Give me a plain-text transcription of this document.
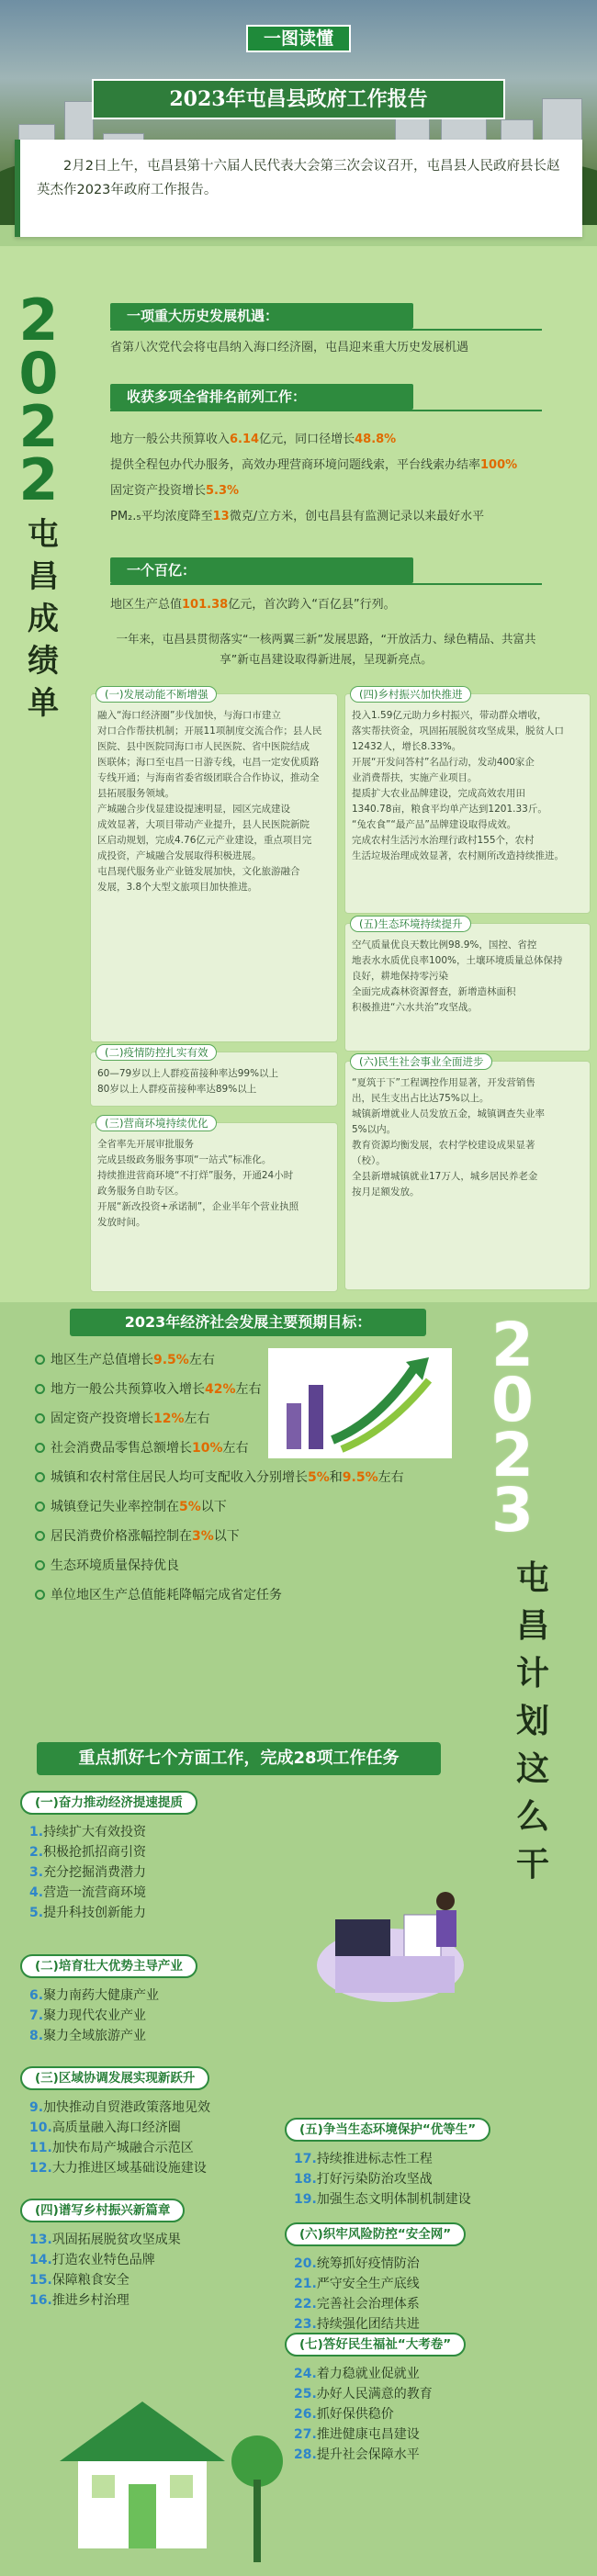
一图读懂
2023年屯昌县政府工作报告
2月2日上午，屯昌县第十六届人民代表大会第三次会议召开，屯昌县人民政府县长赵英杰作2023年政府工作报告。
2
0
2
2
屯
昌
成
绩
单
一项重大历史发展机遇：
省第八次党代会将屯昌纳入海口经济圈，屯昌迎来重大历史发展机遇
收获多项全省排名前列工作：
地方一般公共预算收入6.14亿元，同口径增长48.8%
提供全程包办代办服务，高效办理营商环境问题线索，平台线索办结率100%
固定资产投资增长5.3%
PM₂.₅平均浓度降至13微克/立方米，创屯昌县有监测记录以来最好水平
一个百亿：
地区生产总值101.38亿元，首次跨入“百亿县”行列。
一年来，屯昌县贯彻落实“一核两翼三新”发展思路，“开放活力、绿色精品、共富共享”新屯昌建设取得新进展，呈现新亮点。
(一)发展动能不断增强
融入“海口经济圈”步伐加快，与海口市建立
对口合作帮扶机制；开展11项制度交流合作；县人民
医院、县中医院同海口市人民医院、省中医院结成
医联体；海口至屯昌一日游专线，屯昌一定安优质路
专线开通；与海南省委省级团联合合作协议，推动全
县拓展服务领域。
产城融合步伐显建设提速明显，园区完成建设
成效显著，大项目带动产业提升，县人民医院新院
区启动规划，完成4.76亿元产业建设，重点项目完
成投资，产城融合发展取得积极进展。
屯昌现代服务业产业链发展加快，文化旅游融合
发展，3.8个大型文旅项目加快推进。
(二)疫情防控扎实有效
60—79岁以上人群疫苗接种率达99%以上
80岁以上人群疫苗接种率达89%以上
(三)营商环境持续优化
全省率先开展审批服务
完成县级政务服务事项“一站式”标准化。
持续推进营商环境“不打烊”服务，开通24小时
政务服务自助专区。
开展“新改投资+承诺制”，企业半年个营业执照
发放时间。
(四)乡村振兴加快推进
投入1.59亿元助力乡村振兴，带动群众增收，
落实帮扶资金，巩固拓展脱贫攻坚成果，脱贫人口
12432人，增长8.33%。
开展“开发问答村”名品行动，发动400家企
业消费帮扶，实施产业项目。
提质扩大农业品牌建设，完成高效农用田
1340.78亩，粮食平均单产达到1201.33斤。
“兔农食”“最产品”品牌建设取得成效。
完成农村生活污水治理行政村155个，农村
生活垃圾治理成效显著，农村厕所改造持续推进。
(五)生态环境持续提升
空气质量优良天数比例98.9%，国控、省控
地表水水质优良率100%，土壤环境质量总体保持
良好，耕地保持零污染
全面完成森林资源督查，新增造林面积
积极推进“六水共治”攻坚战。
(六)民生社会事业全面进步
“夏筑于下”工程调控作用显著，开发营销售
出，民生支出占比达75%以上。
城镇新增就业人员发放五金，城镇调查失业率
5%以内。
教育资源均衡发展，农村学校建设成果显著
（校）。
全县新增城镇就业17万人，城乡居民养老金
按月足额发放。
2023年经济社会发展主要预期目标：
地区生产总值增长9.5%左右
地方一般公共预算收入增长42%左右
固定资产投资增长12%左右
社会消费品零售总额增长10%左右
城镇和农村常住居民人均可支配收入分别增长5%和9.5%左右
城镇登记失业率控制在5%以下
居民消费价格涨幅控制在3%以下
生态环境质量保持优良
单位地区生产总值能耗降幅完成省定任务
2
0
2
3
屯
昌
计
划
这
么
干
重点抓好七个方面工作，完成28项工作任务
(一)奋力推动经济提速提质
1.持续扩大有效投资
2.积极抢抓招商引资
3.充分挖掘消费潜力
4.营造一流营商环境
5.提升科技创新能力
(二)培育壮大优势主导产业
6.聚力南药大健康产业
7.聚力现代农业产业
8.聚力全域旅游产业
(三)区域协调发展实现新跃升
9.加快推动自贸港政策落地见效
10.高质量融入海口经济圈
11.加快布局产城融合示范区
12.大力推进区域基础设施建设
(四)谱写乡村振兴新篇章
13.巩固拓展脱贫攻坚成果
14.打造农业特色品牌
15.保障粮食安全
16.推进乡村治理
(五)争当生态环境保护“优等生”
17.持续推进标志性工程
18.打好污染防治攻坚战
19.加强生态文明体制机制建设
(六)织牢风险防控“安全网”
20.统筹抓好疫情防治
21.严守安全生产底线
22.完善社会治理体系
23.持续强化团结共进
(七)答好民生福祉“大考卷”
24.着力稳就业促就业
25.办好人民满意的教育
26.抓好保供稳价
27.推进健康屯昌建设
28.提升社会保障水平
